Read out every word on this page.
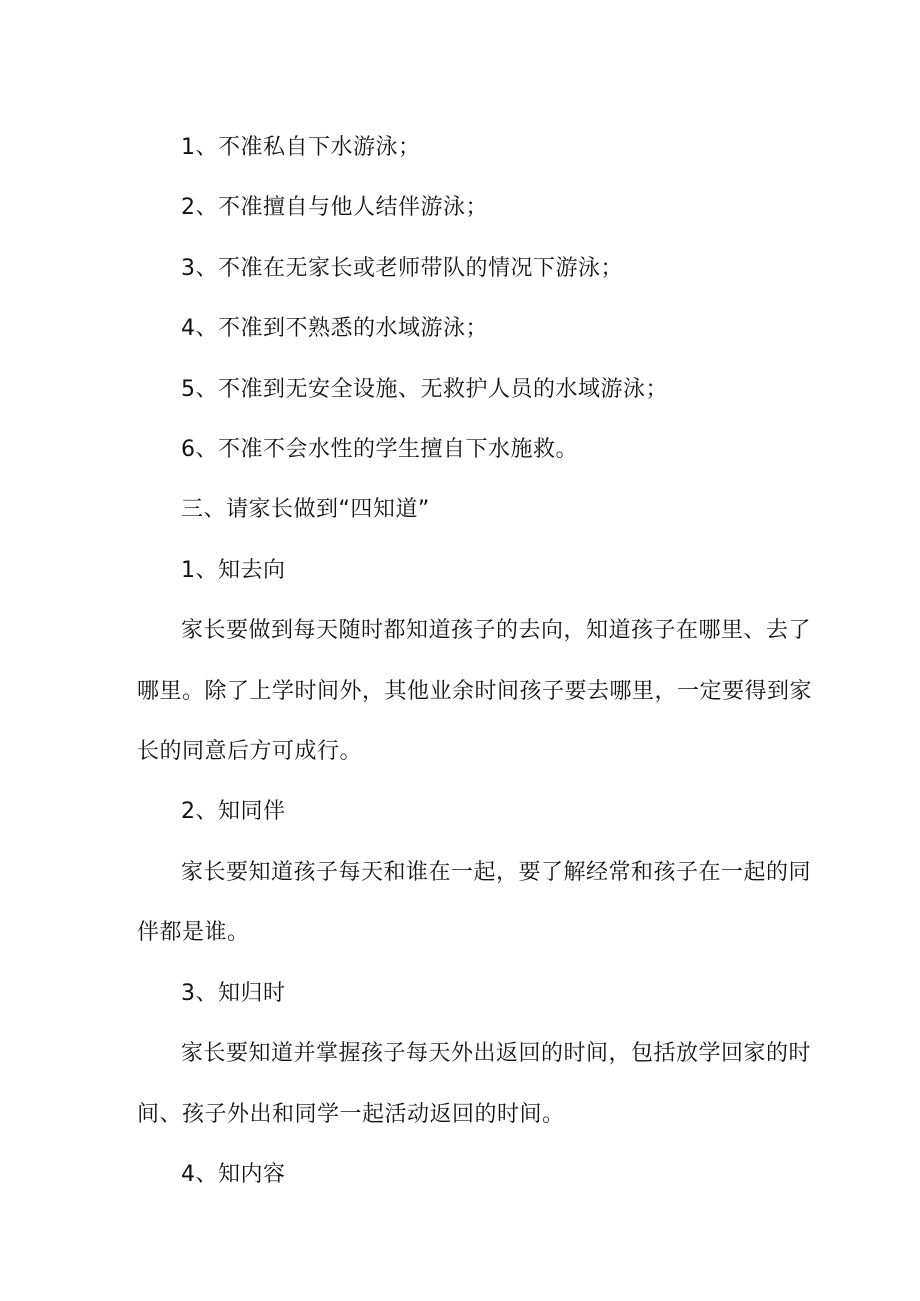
1、不准私自下水游泳；
2、不准擅自与他人结伴游泳；
3、不准在无家长或老师带队的情况下游泳；
4、不准到不熟悉的水域游泳；
5、不准到无安全设施、无救护人员的水域游泳；
6、不准不会水性的学生擅自下水施救。
三、请家长做到“四知道”
1、知去向
家长要做到每天随时都知道孩子的去向，知道孩子在哪里、去了
哪里。除了上学时间外，其他业余时间孩子要去哪里，一定要得到家
长的同意后方可成行。
2、知同伴
家长要知道孩子每天和谁在一起，要了解经常和孩子在一起的同
伴都是谁。
3、知归时
家长要知道并掌握孩子每天外出返回的时间，包括放学回家的时
间、孩子外出和同学一起活动返回的时间。
4、知内容
